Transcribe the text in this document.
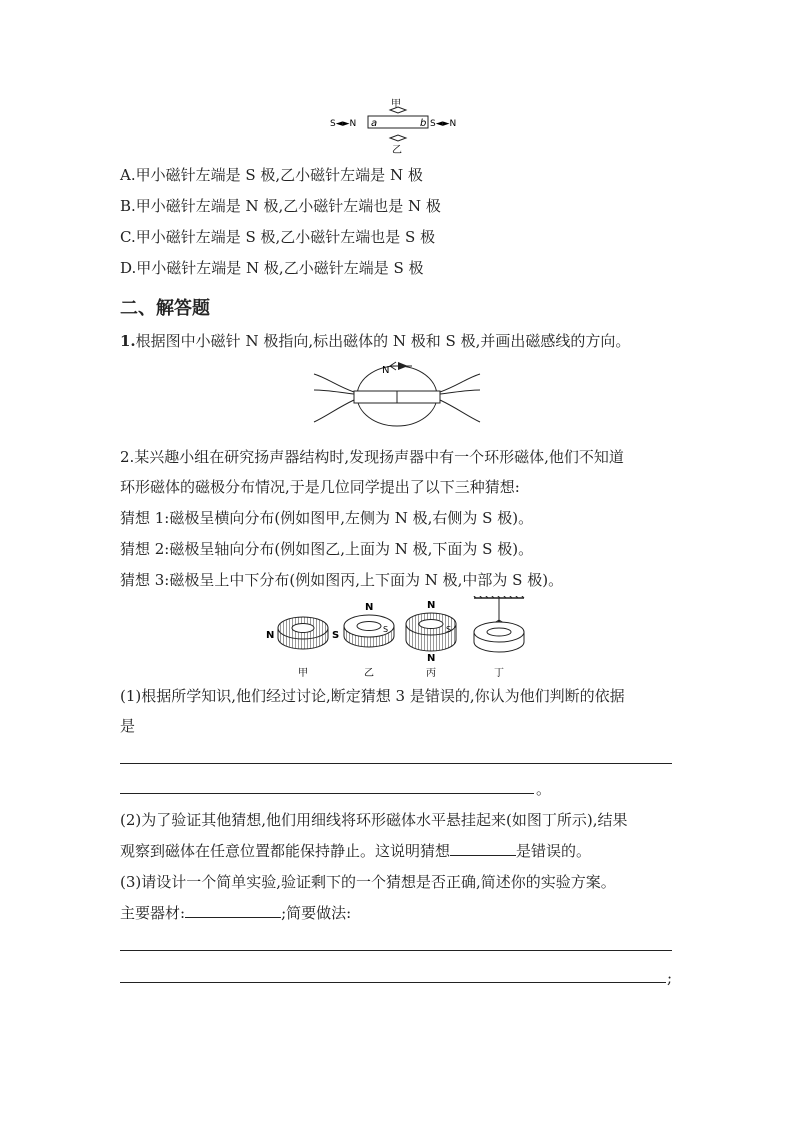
甲
a	b
S◄►N	S◄►N
乙
A.甲小磁针左端是 S 极,乙小磁针左端是 N 极
B.甲小磁针左端是 N 极,乙小磁针左端也是 N 极
C.甲小磁针左端是 S 极,乙小磁针左端也是 S 极
D.甲小磁针左端是 N 极,乙小磁针左端是 S 极
二、解答题
1.根据图中小磁针 N 极指向,标出磁体的 N 极和 S 极,并画出磁感线的方向。
N
2.某兴趣小组在研究扬声器结构时,发现扬声器中有一个环形磁体,他们不知道
环形磁体的磁极分布情况,于是几位同学提出了以下三种猜想:
猜想 1:磁极呈横向分布(例如图甲,左侧为 N 极,右侧为 S 极)。
猜想 2:磁极呈轴向分布(例如图乙,上面为 N 极,下面为 S 极)。
猜想 3:磁极呈上中下分布(例如图丙,上下面为 N 极,中部为 S 极)。
N	S
甲
N
S
乙
N
S
N
丙	丁
(1)根据所学知识,他们经过讨论,断定猜想 3 是错误的,你认为他们判断的依据
是
。
(2)为了验证其他猜想,他们用细线将环形磁体水平悬挂起来(如图丁所示),结果
观察到磁体在任意位置都能保持静止。这说明猜想	是错误的。
(3)请设计一个简单实验,验证剩下的一个猜想是否正确,简述你的实验方案。
主要器材:	;简要做法:
;
